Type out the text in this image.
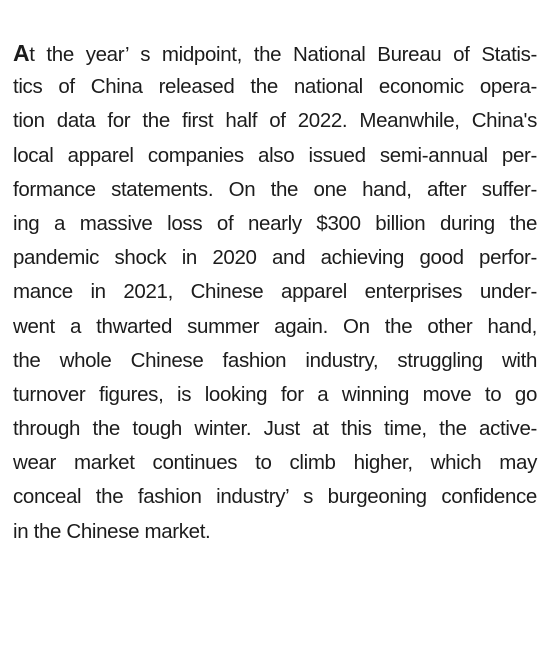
At the year’ s midpoint, the National Bureau of Statis-
tics of China released the national economic opera-
tion data for the first half of 2022. Meanwhile, China's
local apparel companies also issued semi-annual per-
formance statements. On the one hand, after suffer-
ing a massive loss of nearly $300 billion during the
pandemic shock in 2020 and achieving good perfor-
mance in 2021, Chinese apparel enterprises under-
went a thwarted summer again. On the other hand,
the whole Chinese fashion industry, struggling with
turnover figures, is looking for a winning move to go
through the tough winter. Just at this time, the active-
wear market continues to climb higher, which may
conceal the fashion industry’ s burgeoning confidence
in the Chinese market.
